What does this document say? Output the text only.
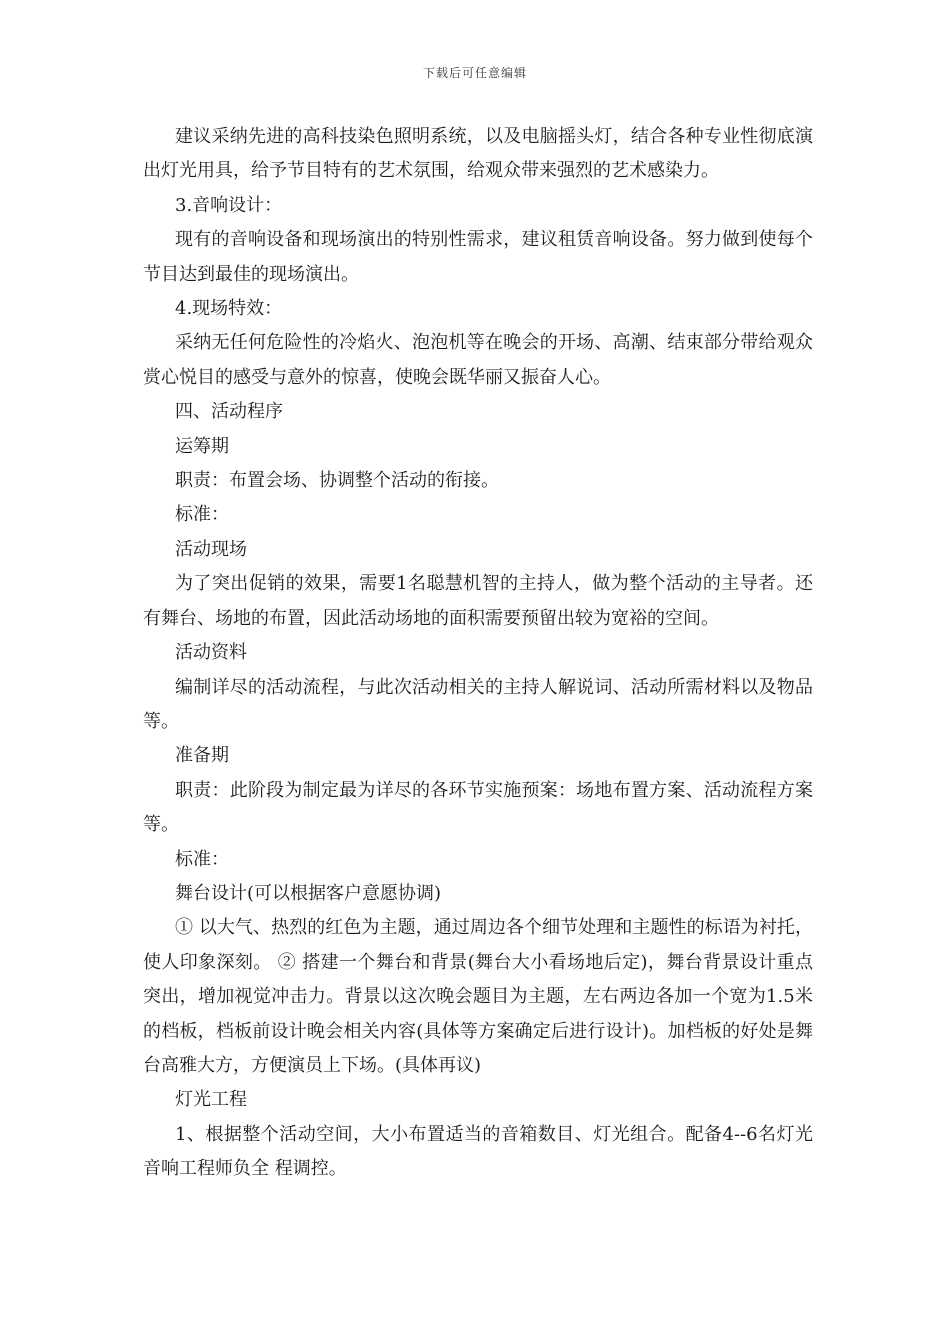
下载后可任意编辑

建议采纳先进的高科技染色照明系统，以及电脑摇头灯，结合各种专业性彻底演出灯光用具，给予节目特有的艺术氛围，给观众带来强烈的艺术感染力。

3.音响设计：

现有的音响设备和现场演出的特别性需求，建议租赁音响设备。努力做到使每个节目达到最佳的现场演出。

4.现场特效：

采纳无任何危险性的冷焰火、泡泡机等在晚会的开场、高潮、结束部分带给观众赏心悦目的感受与意外的惊喜，使晚会既华丽又振奋人心。

四、活动程序

运筹期

职责：布置会场、协调整个活动的衔接。

标准：

活动现场

为了突出促销的效果，需要1名聪慧机智的主持人，做为整个活动的主导者。还有舞台、场地的布置，因此活动场地的面积需要预留出较为宽裕的空间。

活动资料

编制详尽的活动流程，与此次活动相关的主持人解说词、活动所需材料以及物品等。

准备期

职责：此阶段为制定最为详尽的各环节实施预案：场地布置方案、活动流程方案等。

标准：

舞台设计(可以根据客户意愿协调)

① 以大气、热烈的红色为主题，通过周边各个细节处理和主题性的标语为衬托，使人印象深刻。 ② 搭建一个舞台和背景(舞台大小看场地后定)，舞台背景设计重点突出，增加视觉冲击力。背景以这次晚会题目为主题，左右两边各加一个宽为1.5米的档板，档板前设计晚会相关内容(具体等方案确定后进行设计)。加档板的好处是舞台高雅大方，方便演员上下场。(具体再议)

灯光工程

1、根据整个活动空间，大小布置适当的音箱数目、灯光组合。配备4--6名灯光音响工程师负全 程调控。
